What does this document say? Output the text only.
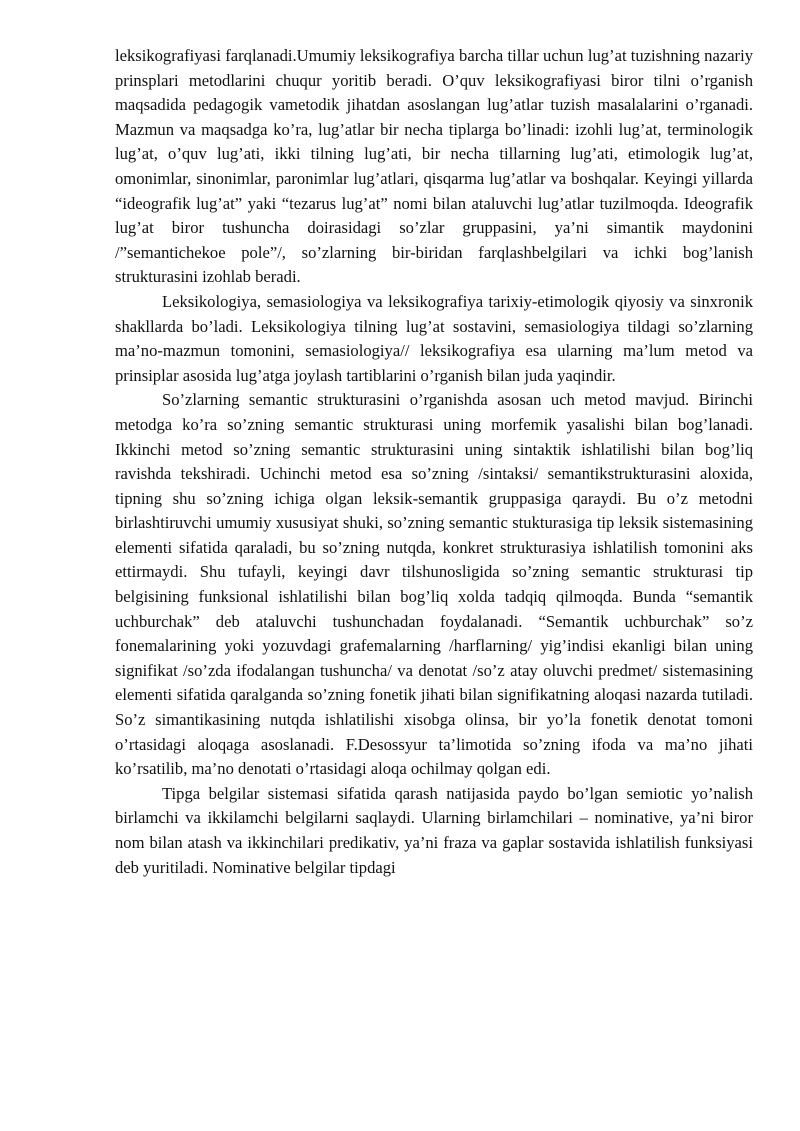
leksikografiyasi farqlanadi.Umumiy leksikografiya barcha tillar uchun lug’at tuzishning nazariy prinsplari metodlarini chuqur yoritib beradi. O’quv leksikografiyasi biror tilni o’rganish maqsadida pedagogik vametodik jihatdan asoslangan lug’atlar tuzish masalalarini o’rganadi. Mazmun va maqsadga ko’ra, lug’atlar bir necha tiplarga bo’linadi: izohli lug’at, terminologik lug’at, o’quv lug’ati, ikki tilning lug’ati, bir necha tillarning lug’ati, etimologik lug’at, omonimlar, sinonimlar, paronimlar lug’atlari, qisqarma lug’atlar va boshqalar. Keyingi yillarda “ideografik lug’at” yaki “tezarus lug’at” nomi bilan ataluvchi lug’atlar tuzilmoqda. Ideografik lug’at biror tushuncha doirasidagi so’zlar gruppasini, ya’ni simantik maydonini /”semantichekoe pole”/, so’zlarning bir-biridan farqlashbelgilari va ichki bog’lanish strukturasini izohlab beradi.

Leksikologiya, semasiologiya va leksikografiya tarixiy-etimologik qiyosiy va sinxronik shakllarda bo’ladi. Leksikologiya tilning lug’at sostavini, semasiologiya tildagi so’zlarning ma’no-mazmun tomonini, semasiologiya// leksikografiya esa ularning ma’lum metod va prinsiplar asosida lug’atga joylash tartiblarini o’rganish bilan juda yaqindir.

So’zlarning semantic strukturasini o’rganishda asosan uch metod mavjud. Birinchi metodga ko’ra so’zning semantic strukturasi uning morfemik yasalishi bilan bog’lanadi. Ikkinchi metod so’zning semantic strukturasini uning sintaktik ishlatilishi bilan bog’liq ravishda tekshiradi. Uchinchi metod esa so’zning /sintaksi/ semantikstrukturasini aloxida, tipning shu so’zning ichiga olgan leksik-semantik gruppasiga qaraydi. Bu o’z metodni birlashtiruvchi umumiy xususiyat shuki, so’zning semantic stukturasiga tip leksik sistemasining elementi sifatida qaraladi, bu so’zning nutqda, konkret strukturasiya ishlatilish tomonini aks ettirmaydi. Shu tufayli, keyingi davr tilshunosligida so’zning semantic strukturasi tip belgisining funksional ishlatilishi bilan bog’liq xolda tadqiq qilmoqda. Bunda “semantik uchburchak” deb ataluvchi tushunchadan foydalanadi. “Semantik uchburchak” so’z fonemalarining yoki yozuvdagi grafemalarning /harflarning/ yig’indisi ekanligi bilan uning signifikat /so’zda ifodalangan tushuncha/ va denotat /so’z atay oluvchi predmet/ sistemasining elementi sifatida qaralganda so’zning fonetik jihati bilan signifikatning aloqasi nazarda tutiladi. So’z simantikasining nutqda ishlatilishi xisobga olinsa, bir yo’la fonetik denotat tomoni o’rtasidagi aloqaga asoslanadi. F.Desossyur ta’limotida so’zning ifoda va ma’no jihati ko’rsatilib, ma’no denotati o’rtasidagi aloqa ochilmay qolgan edi.

Tipga belgilar sistemasi sifatida qarash natijasida paydo bo’lgan semiotic yo’nalish birlamchi va ikkilamchi belgilarni saqlaydi. Ularning birlamchilari – nominative, ya’ni biror nom bilan atash va ikkinchilari predikativ, ya’ni fraza va gaplar sostavida ishlatilish funksiyasi deb yuritiladi. Nominative belgilar tipdagi
